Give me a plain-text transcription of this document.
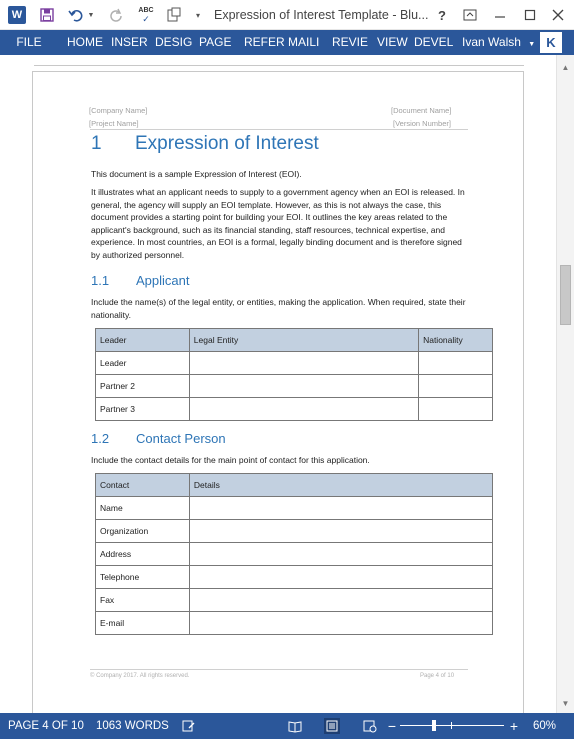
W	▼
ABC
✓	▾	Expression of Interest Template - Blu... ?
FILE	HOME INSER DESIG PAGE REFER MAILI REVIE VIEW DEVEL Ivan Walsh ▼ K
[Company Name]
[Project Name]
[Document Name]
[Version Number]
1 Expression of Interest
This document is a sample Expression of Interest (EOI).
It illustrates what an applicant needs to supply to a government agency when an EOI is released. In general, the agency will supply an EOI template. However, as this is not always the case, this document provides a starting point for building your EOI. It outlines the key areas related to the applicant's background, such as its financial standing, staff resources, technical expertise, and experience. In most countries, an EOI is a formal, legally binding document and is therefore signed by authorized personnel.
1.1 Applicant
Include the name(s) of the legal entity, or entities, making the application. When required, state their nationality.
Leader	Legal Entity	Nationality
Leader		
Partner 2		
Partner 3		
1.2 Contact Person
Include the contact details for the main point of contact for this application.
Contact	Details
Name	
Organization	
Address	
Telephone	
Fax	
E-mail	
© Company 2017. All rights reserved.	Page 4 of 10
▲
▼
PAGE 4 OF 10 1063 WORDS	−	+	60%
